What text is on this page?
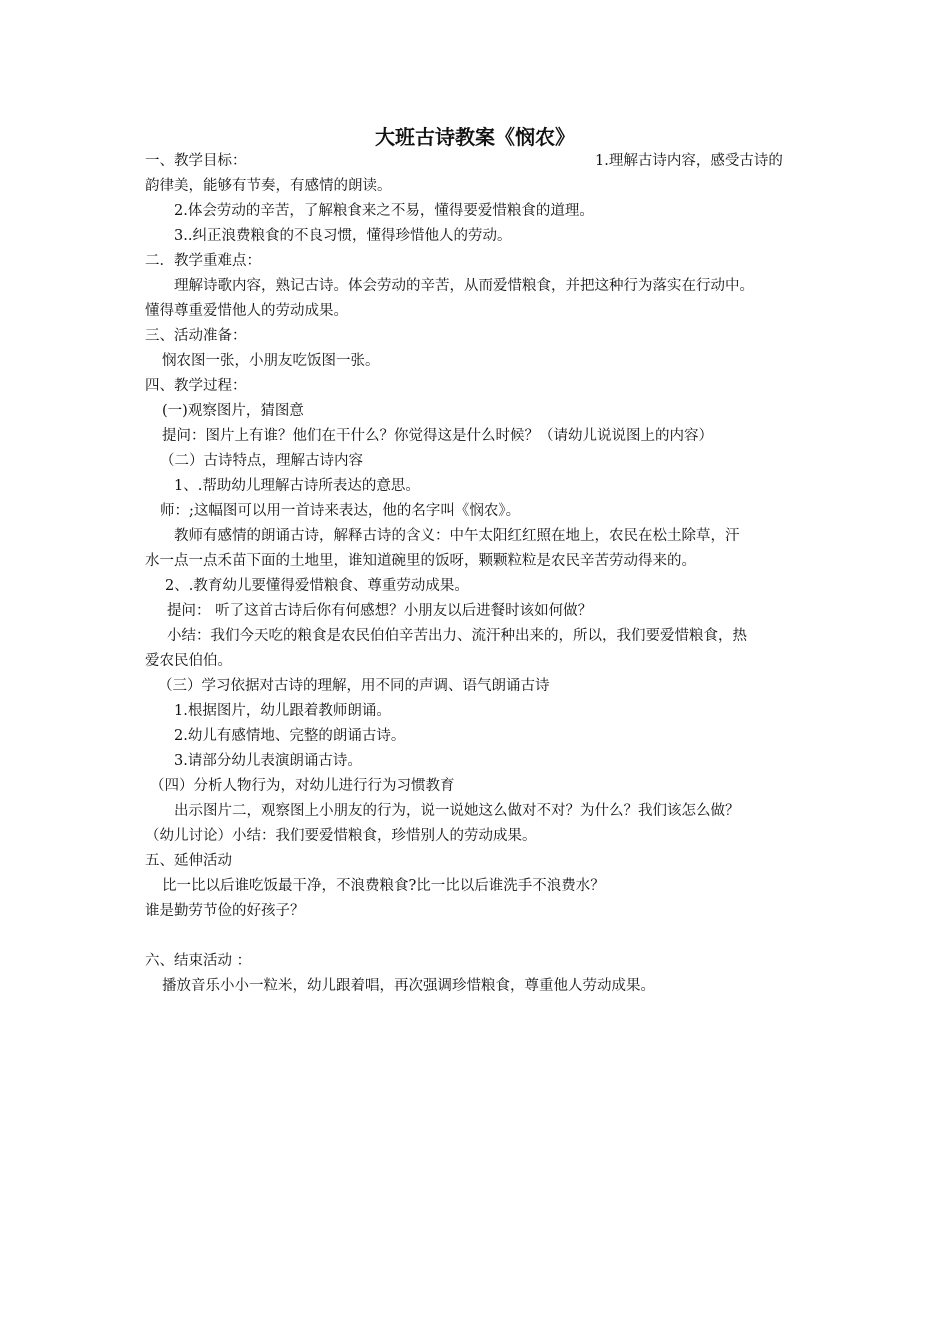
大班古诗教案《悯农》
一、教学目标：	1.理解古诗内容，感受古诗的
韵律美，能够有节奏，有感情的朗读。
2.体会劳动的辛苦，了解粮食来之不易，懂得要爱惜粮食的道理。
3..纠正浪费粮食的不良习惯，懂得珍惜他人的劳动。
二．教学重难点：
理解诗歌内容，熟记古诗。体会劳动的辛苦，从而爱惜粮食，并把这种行为落实在行动中。
懂得尊重爱惜他人的劳动成果。
三、活动准备：
悯农图一张，小朋友吃饭图一张。
四、教学过程：
(一)观察图片，猜图意
提问：图片上有谁？他们在干什么？你觉得这是什么时候？（请幼儿说说图上的内容）
（二）古诗特点，理解古诗内容
1、.帮助幼儿理解古诗所表达的意思。
师：;这幅图可以用一首诗来表达，他的名字叫《悯农》。
教师有感情的朗诵古诗，解释古诗的含义：中午太阳红红照在地上，农民在松土除草，汗
水一点一点禾苗下面的土地里，谁知道碗里的饭呀，颗颗粒粒是农民辛苦劳动得来的。
2、.教育幼儿要懂得爱惜粮食、尊重劳动成果。
提问： 听了这首古诗后你有何感想？小朋友以后进餐时该如何做？
小结：我们今天吃的粮食是农民伯伯辛苦出力、流汗种出来的，所以，我们要爱惜粮食，热
爱农民伯伯。
（三）学习依据对古诗的理解，用不同的声调、语气朗诵古诗
1.根据图片，幼儿跟着教师朗诵。
2.幼儿有感情地、完整的朗诵古诗。
3.请部分幼儿表演朗诵古诗。
（四）分析人物行为，对幼儿进行行为习惯教育
出示图片二，观察图上小朋友的行为，说一说她这么做对不对？为什么？我们该怎么做？
（幼儿讨论）小结：我们要爱惜粮食，珍惜别人的劳动成果。
五、延伸活动
比一比以后谁吃饭最干净，不浪费粮食?比一比以后谁洗手不浪费水？
谁是勤劳节俭的好孩子？
六、结束活动 ：
播放音乐小小一粒米，幼儿跟着唱，再次强调珍惜粮食，尊重他人劳动成果。
